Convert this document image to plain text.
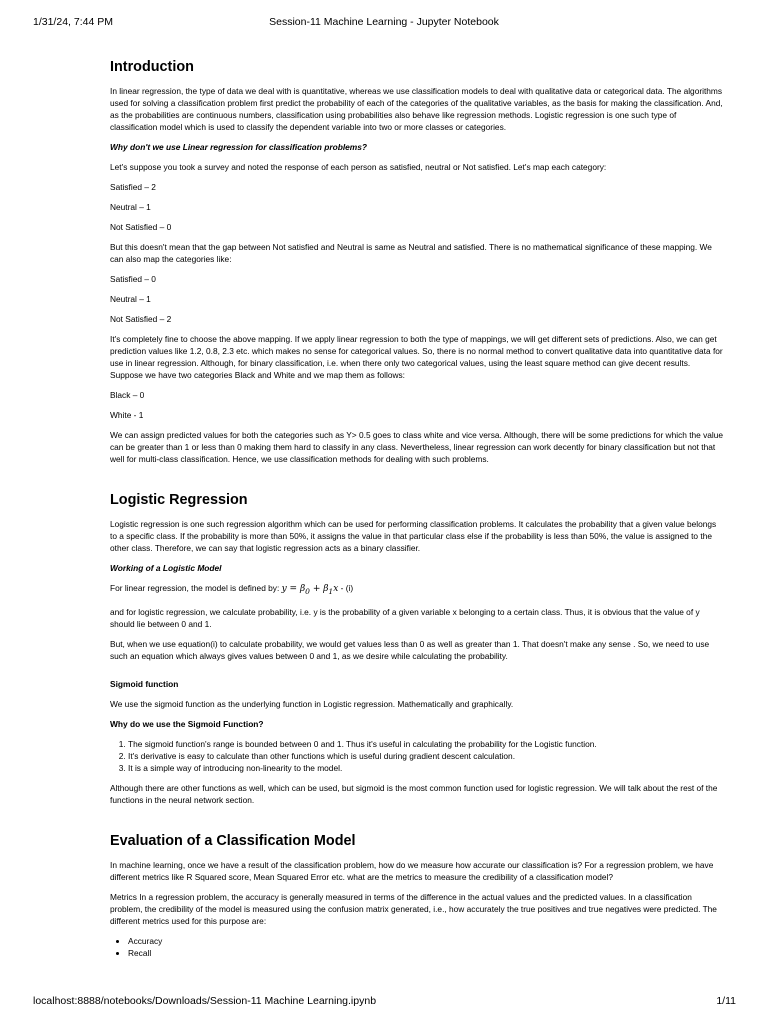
1/31/24, 7:44 PM	Session-11 Machine Learning - Jupyter Notebook
Introduction

In linear regression, the type of data we deal with is quantitative, whereas we use classification models to deal with qualitative data or categorical data. The algorithms used for solving a classification problem first predict the probability of each of the categories of the qualitative variables, as the basis for making the classification. And, as the probabilities are continuous numbers, classification using probabilities also behave like regression methods. Logistic regression is one such type of classification model which is used to classify the dependent variable into two or more classes or categories.

Why don't we use Linear regression for classification problems?

Let's suppose you took a survey and noted the response of each person as satisfied, neutral or Not satisfied. Let's map each category:

Satisfied – 2

Neutral – 1

Not Satisfied – 0

But this doesn't mean that the gap between Not satisfied and Neutral is same as Neutral and satisfied. There is no mathematical significance of these mapping. We can also map the categories like:

Satisfied – 0

Neutral – 1

Not Satisfied – 2

It's completely fine to choose the above mapping. If we apply linear regression to both the type of mappings, we will get different sets of predictions. Also, we can get prediction values like 1.2, 0.8, 2.3 etc. which makes no sense for categorical values. So, there is no normal method to convert qualitative data into quantitative data for use in linear regression. Although, for binary classification, i.e. when there only two categorical values, using the least square method can give decent results. Suppose we have two categories Black and White and we map them as follows:

Black – 0

White - 1

We can assign predicted values for both the categories such as Y> 0.5 goes to class white and vice versa. Although, there will be some predictions for which the value can be greater than 1 or less than 0 making them hard to classify in any class. Nevertheless, linear regression can work decently for binary classification but not that well for multi-class classification. Hence, we use classification methods for dealing with such problems.

Logistic Regression

Logistic regression is one such regression algorithm which can be used for performing classification problems. It calculates the probability that a given value belongs to a specific class. If the probability is more than 50%, it assigns the value in that particular class else if the probability is less than 50%, the value is assigned to the other class. Therefore, we can say that logistic regression acts as a binary classifier.

Working of a Logistic Model

For linear regression, the model is defined by: $y = \beta_0 + \beta_1x - (i)$

and for logistic regression, we calculate probability, i.e. y is the probability of a given variable x belonging to a certain class. Thus, it is obvious that the value of y should lie between 0 and 1.

But, when we use equation(i) to calculate probability, we would get values less than 0 as well as greater than 1. That doesn't make any sense . So, we need to use such an equation which always gives values between 0 and 1, as we desire while calculating the probability.

Sigmoid function

We use the sigmoid function as the underlying function in Logistic regression. Mathematically and graphically.

Why do we use the Sigmoid Function?
1. The sigmoid function's range is bounded between 0 and 1. Thus it's useful in calculating the probability for the Logistic function.
2. It's derivative is easy to calculate than other functions which is useful during gradient descent calculation.
3. It is a simple way of introducing non-linearity to the model.

Although there are other functions as well, which can be used, but sigmoid is the most common function used for logistic regression. We will talk about the rest of the functions in the neural network section.

Evaluation of a Classification Model

In machine learning, once we have a result of the classification problem, how do we measure how accurate our classification is? For a regression problem, we have different metrics like R Squared score, Mean Squared Error etc. what are the metrics to measure the credibility of a classification model?

Metrics In a regression problem, the accuracy is generally measured in terms of the difference in the actual values and the predicted values. In a classification problem, the credibility of the model is measured using the confusion matrix generated, i.e., how accurately the true positives and true negatives were predicted. The different metrics used for this purpose are:

• Accuracy
• Recall
localhost:8888/notebooks/Downloads/Session-11 Machine Learning.ipynb	1/11
